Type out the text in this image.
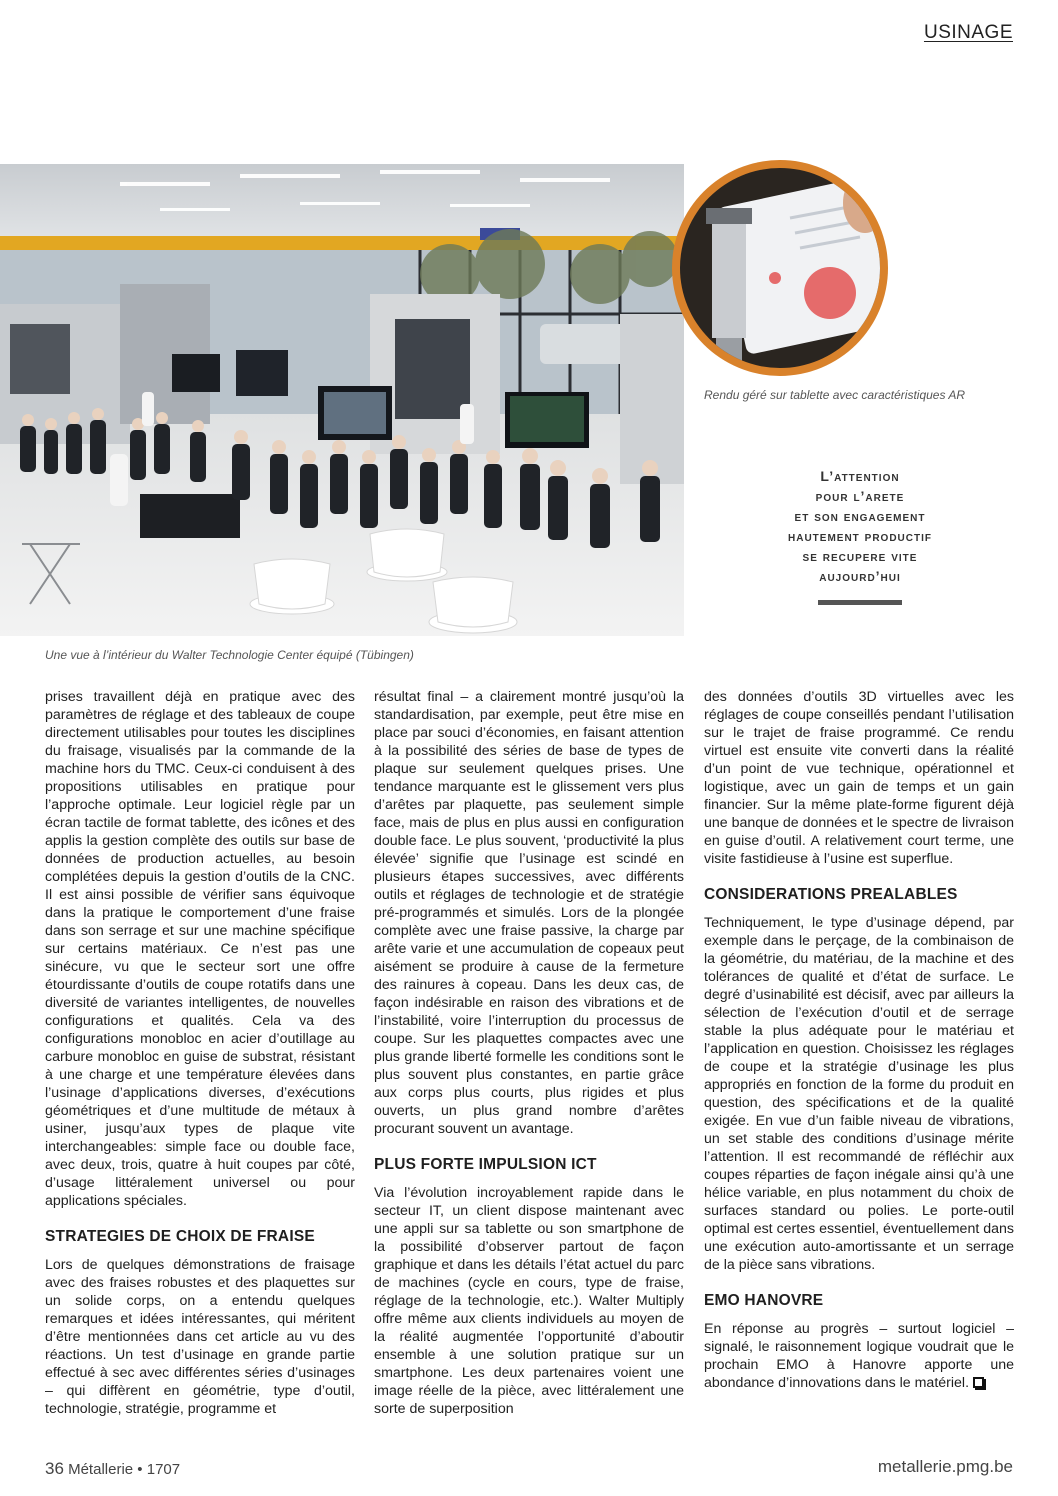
USINAGE
Une vue à l’intérieur du Walter Technologie Center équipé (Tübingen)
Rendu géré sur tablette avec caractéristiques AR
L’attention
pour l’arete
et son engagement
hautement productif
se recupere vite
aujourd’hui

prises travaillent déjà en pratique avec des paramètres de réglage et des tableaux de coupe directement utilisables pour toutes les disciplines du fraisage, visualisés par la commande de la machine hors du TMC. Ceux-ci conduisent à des propositions utilisables en pratique pour l’approche optimale. Leur logiciel règle par un écran tactile de format tablette, des icônes et des applis la gestion complète des outils sur base de données de production actuelles, au besoin complétées depuis la gestion d’outils de la CNC. Il est ainsi possible de vérifier sans équivoque dans la pratique le comportement d’une fraise dans son serrage et sur une machine spécifique sur certains matériaux. Ce n’est pas une sinécure, vu que le secteur sort une offre étourdissante d’outils de coupe rotatifs dans une diversité de variantes intelligentes, de nouvelles configurations et qualités. Cela va des configurations monobloc en acier d’outillage au carbure monobloc en guise de substrat, résistant à une charge et une température élevées dans l’usinage d’applications diverses, d’exécutions géométriques et d’une multitude de métaux à usiner, jusqu’aux types de plaque vite interchangeables: simple face ou double face, avec deux, trois, quatre à huit coupes par côté, d’usage littéralement universel ou pour applications spéciales.

STRATEGIES DE CHOIX DE FRAISE

Lors de quelques démonstrations de fraisage avec des fraises robustes et des plaquettes sur un solide corps, on a entendu quelques remarques et idées intéressantes, qui méritent d’être mentionnées dans cet article au vu des réactions. Un test d’usinage en grande partie effectué à sec avec différentes séries d’usinages – qui diffèrent en géométrie, type d’outil, technologie, stratégie, programme et

résultat final – a clairement montré jusqu’où la standardisation, par exemple, peut être mise en place par souci d’économies, en faisant attention à la possibilité des séries de base de types de plaque sur seulement quelques prises. Une tendance marquante est le glissement vers plus d’arêtes par plaquette, pas seulement simple face, mais de plus en plus aussi en configuration double face. Le plus souvent, ‘productivité la plus élevée’ signifie que l’usinage est scindé en plusieurs étapes successives, avec différents outils et réglages de technologie et de stratégie pré-programmés et simulés. Lors de la plongée complète avec une fraise passive, la charge par arête varie et une accumulation de copeaux peut aisément se produire à cause de la fermeture des rainures à copeau. Dans les deux cas, de façon indésirable en raison des vibrations et de l’instabilité, voire l’interruption du processus de coupe. Sur les plaquettes compactes avec une plus grande liberté formelle les conditions sont le plus souvent plus constantes, en partie grâce aux corps plus courts, plus rigides et plus ouverts, un plus grand nombre d’arêtes procurant souvent un avantage.

PLUS FORTE IMPULSION ICT

Via l’évolution incroyablement rapide dans le secteur IT, un client dispose maintenant avec une appli sur sa tablette ou son smartphone de la possibilité d’observer partout de façon graphique et dans les détails l’état actuel du parc de machines (cycle en cours, type de fraise, réglage de la technologie, etc.). Walter Multiply offre même aux clients individuels au moyen de la réalité augmentée l’opportunité d’aboutir ensemble à une solution pratique sur un smartphone. Les deux partenaires voient une image réelle de la pièce, avec littéralement une sorte de superposition

des données d’outils 3D virtuelles avec les réglages de coupe conseillés pendant l’utilisation sur le trajet de fraise programmé. Ce rendu virtuel est ensuite vite converti dans la réalité d’un point de vue technique, opérationnel et logistique, avec un gain de temps et un gain financier. Sur la même plate-forme figurent déjà une banque de données et le spectre de livraison en guise d’outil. A relativement court terme, une visite fastidieuse à l’usine est superflue.

CONSIDERATIONS PREALABLES

Techniquement, le type d’usinage dépend, par exemple dans le perçage, de la combinaison de la géométrie, du matériau, de la machine et des tolérances de qualité et d’état de surface. Le degré d’usinabilité est décisif, avec par ailleurs la sélection de l’exécution d’outil et de serrage stable la plus adéquate pour le matériau et l’application en question. Choisissez les réglages de coupe et la stratégie d’usinage les plus appropriés en fonction de la forme du produit en question, des spécifications et de la qualité exigée. En vue d’un faible niveau de vibrations, un set stable des conditions d’usinage mérite l’attention. Il est recommandé de réfléchir aux coupes réparties de façon inégale ainsi qu’à une hélice variable, en plus notamment du choix de surfaces standard ou polies. Le porte-outil optimal est certes essentiel, éventuellement dans une exécution auto-amortissante et un serrage de la pièce sans vibrations.

EMO HANOVRE

En réponse au progrès – surtout logiciel – signalé, le raisonnement logique voudrait que le prochain EMO à Hanovre apporte une abondance d’innovations dans le matériel.

36 Métallerie • 1707	metallerie.pmg.be
